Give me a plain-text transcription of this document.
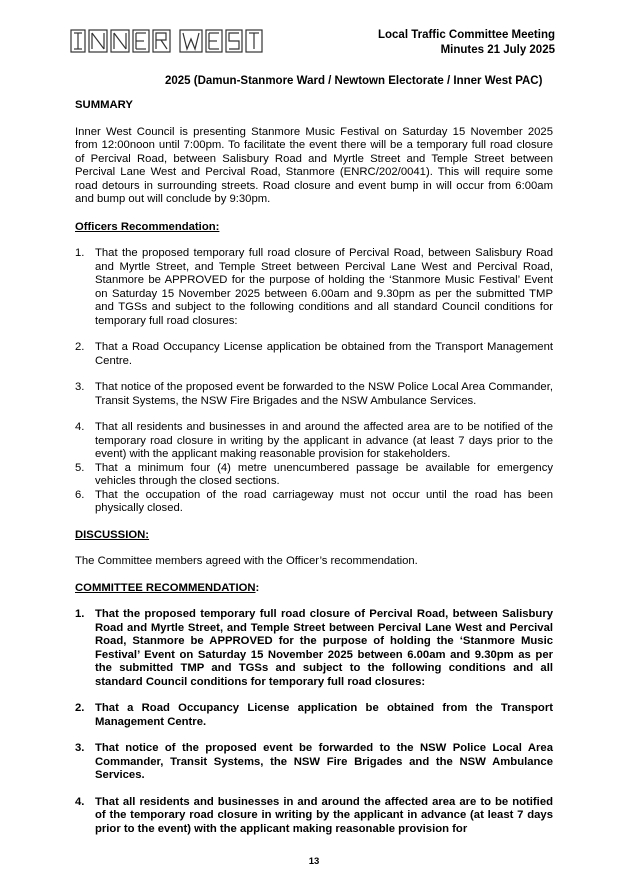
Local Traffic Committee Meeting
Minutes 21 July 2025
2025 (Damun-Stanmore Ward / Newtown Electorate / Inner West PAC)

SUMMARY

Inner West Council is presenting Stanmore Music Festival on Saturday 15 November 2025 from 12:00noon until 7:00pm. To facilitate the event there will be a temporary full road closure of Percival Road, between Salisbury Road and Myrtle Street and Temple Street between Percival Lane West and Percival Road, Stanmore (ENRC/202/0041). This will require some road detours in surrounding streets. Road closure and event bump in will occur from 6:00am and bump out will conclude by 9:30pm.

Officers Recommendation:

1. That the proposed temporary full road closure of Percival Road, between Salisbury Road and Myrtle Street, and Temple Street between Percival Lane West and Percival Road, Stanmore be APPROVED for the purpose of holding the ‘Stanmore Music Festival’ Event on Saturday 15 November 2025 between 6.00am and 9.30pm as per the submitted TMP and TGSs and subject to the following conditions and all standard Council conditions for temporary full road closures:
2. That a Road Occupancy License application be obtained from the Transport Management Centre.
3. That notice of the proposed event be forwarded to the NSW Police Local Area Commander, Transit Systems, the NSW Fire Brigades and the NSW Ambulance Services.
4. That all residents and businesses in and around the affected area are to be notified of the temporary road closure in writing by the applicant in advance (at least 7 days prior to the event) with the applicant making reasonable provision for stakeholders.
5. That a minimum four (4) metre unencumbered passage be available for emergency vehicles through the closed sections.
6. That the occupation of the road carriageway must not occur until the road has been physically closed.

DISCUSSION:

The Committee members agreed with the Officer’s recommendation.

COMMITTEE RECOMMENDATION:

1. That the proposed temporary full road closure of Percival Road, between Salisbury Road and Myrtle Street, and Temple Street between Percival Lane West and Percival Road, Stanmore be APPROVED for the purpose of holding the ‘Stanmore Music Festival’ Event on Saturday 15 November 2025 between 6.00am and 9.30pm as per the submitted TMP and TGSs and subject to the following conditions and all standard Council conditions for temporary full road closures:
2. That a Road Occupancy License application be obtained from the Transport Management Centre.
3. That notice of the proposed event be forwarded to the NSW Police Local Area Commander, Transit Systems, the NSW Fire Brigades and the NSW Ambulance Services.
4. That all residents and businesses in and around the affected area are to be notified of the temporary road closure in writing by the applicant in advance (at least 7 days prior to the event) with the applicant making reasonable provision for
13
